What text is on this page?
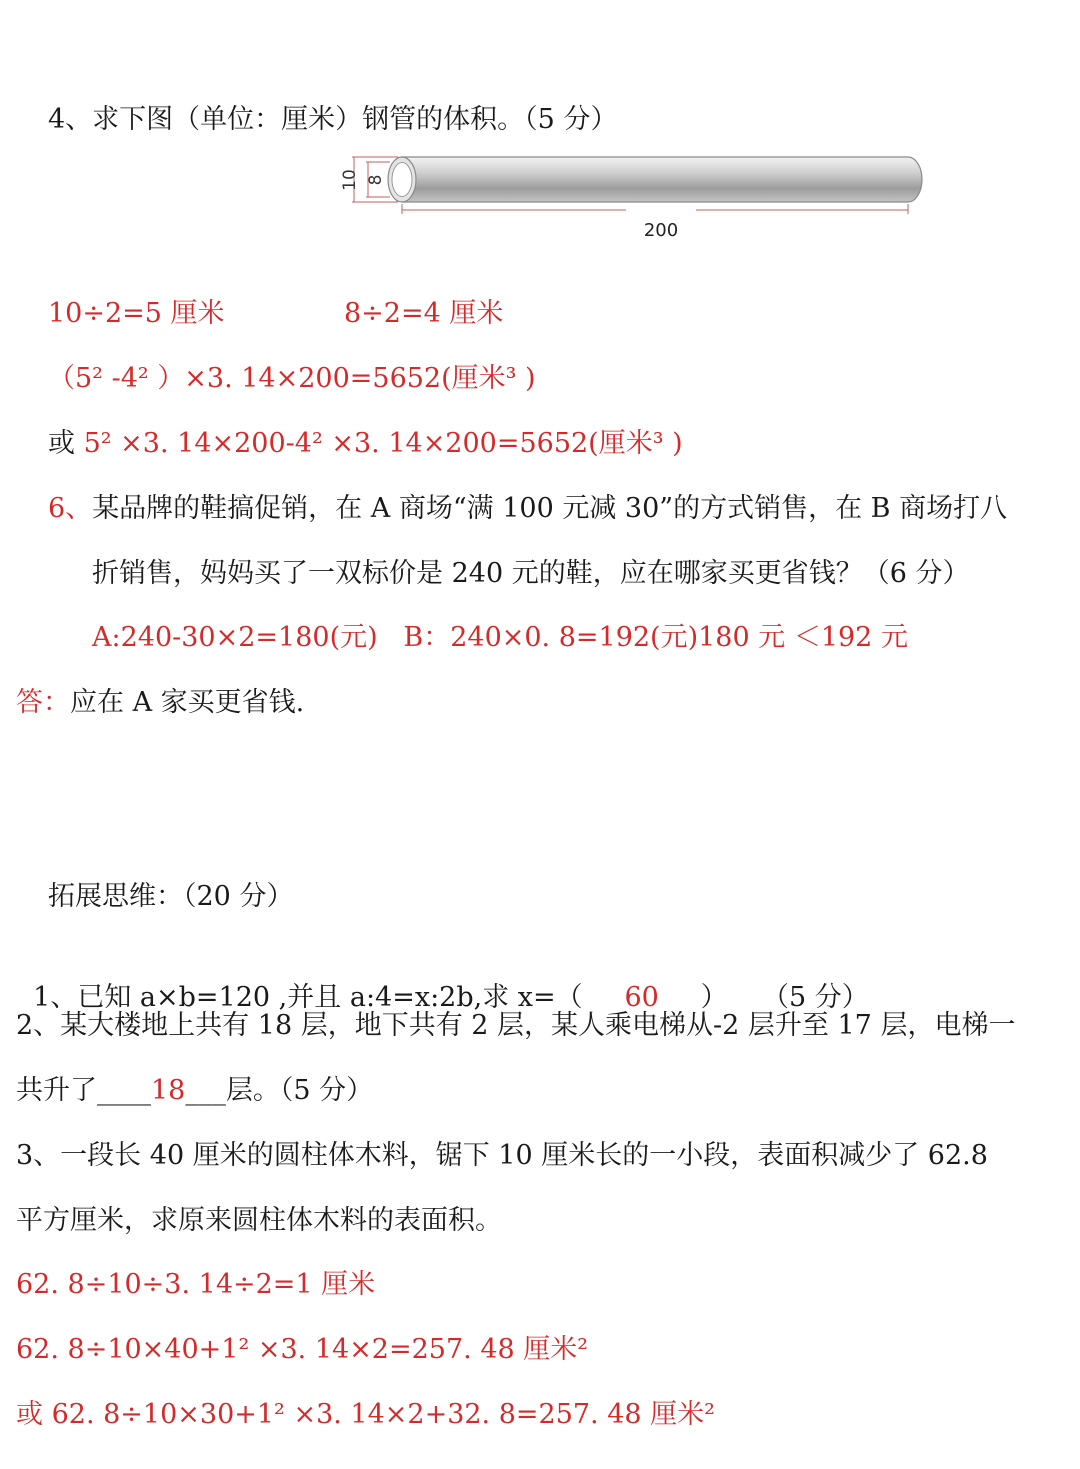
4、求下图（单位：厘米）钢管的体积。（5 分）
10 8
200
10÷2=5 厘米	8÷2=4 厘米
（5² -4² ）×3. 14×200=5652(厘米³ )
或 5² ×3. 14×200-4² ×3. 14×200=5652(厘米³ )
6、某品牌的鞋搞促销，在 A 商场“满 100 元减 30”的方式销售，在 B 商场打八
折销售，妈妈买了一双标价是 240 元的鞋，应在哪家买更省钱？（6 分）
A:240-30×2=180(元)   B：240×0. 8=192(元)180 元 ＜192 元
答：应在 A 家买更省钱.
拓展思维：（20 分）

1、已知 a×b=120 ,并且 a:4=x:2b,求 x=（ 60 ）    （5 分）

2、某大楼地上共有 18 层，地下共有 2 层，某人乘电梯从-2 层升至 17 层，电梯一
共升了____18___层。（5 分）
3、一段长 40 厘米的圆柱体木料，锯下 10 厘米长的一小段，表面积减少了 62.8
平方厘米，求原来圆柱体木料的表面积。
62. 8÷10÷3. 14÷2=1 厘米
62. 8÷10×40+1² ×3. 14×2=257. 48 厘米²
或 62. 8÷10×30+1² ×3. 14×2+32. 8=257. 48 厘米²
